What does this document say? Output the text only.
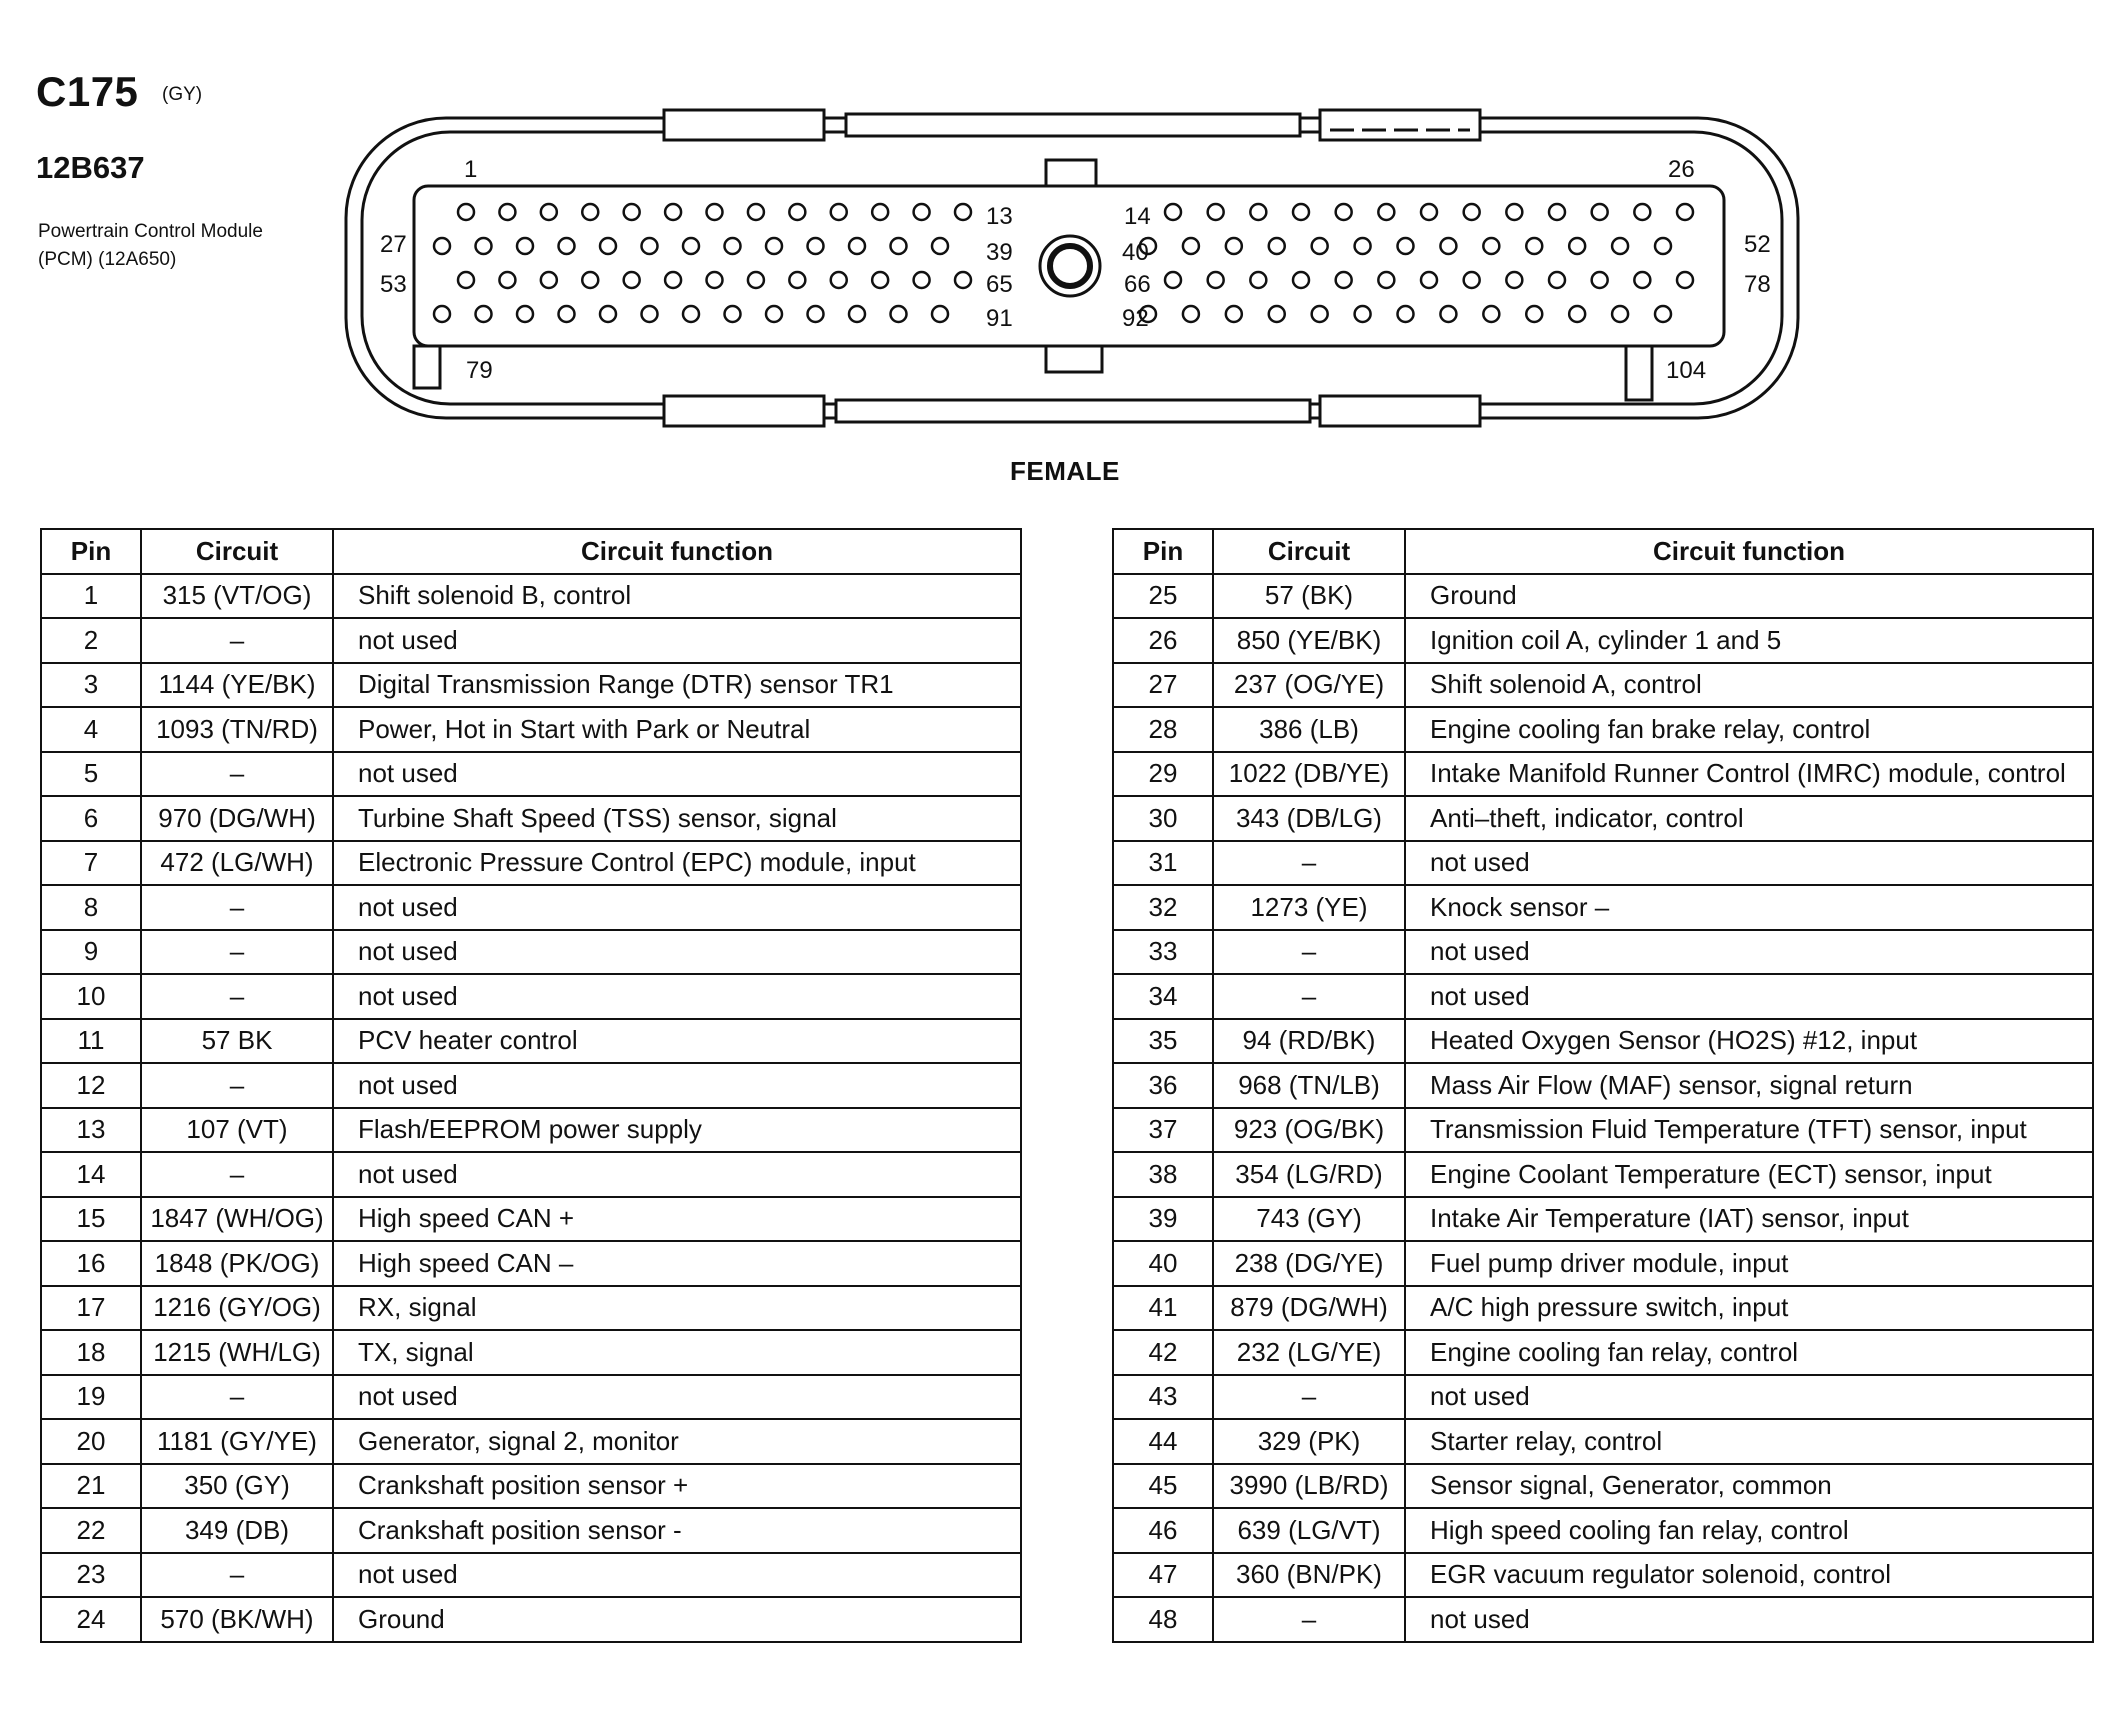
C175 (GY)
12B637
Powertrain Control Module
(PCM) (12A650)
1	26
13	14
27	39	40	52
53	65	66	78
91	92
79	104
FEMALE
Pin	Circuit	Circuit function
1	315 (VT/OG)	Shift solenoid B, control
2	–	not used
3	1144 (YE/BK)	Digital Transmission Range (DTR) sensor TR1
4	1093 (TN/RD)	Power, Hot in Start with Park or Neutral
5	–	not used
6	970 (DG/WH)	Turbine Shaft Speed (TSS) sensor, signal
7	472 (LG/WH)	Electronic Pressure Control (EPC) module, input
8	–	not used
9	–	not used
10	–	not used
11	57 BK	PCV heater control
12	–	not used
13	107 (VT)	Flash/EEPROM power supply
14	–	not used
15	1847 (WH/OG)	High speed CAN +
16	1848 (PK/OG)	High speed CAN –
17	1216 (GY/OG)	RX, signal
18	1215 (WH/LG)	TX, signal
19	–	not used
20	1181 (GY/YE)	Generator, signal 2, monitor
21	350 (GY)	Crankshaft position sensor +
22	349 (DB)	Crankshaft position sensor -
23	–	not used
24	570 (BK/WH)	Ground
Pin	Circuit	Circuit function
25	57 (BK)	Ground
26	850 (YE/BK)	Ignition coil A, cylinder 1 and 5
27	237 (OG/YE)	Shift solenoid A, control
28	386 (LB)	Engine cooling fan brake relay, control
29	1022 (DB/YE)	Intake Manifold Runner Control (IMRC) module, control
30	343 (DB/LG)	Anti–theft, indicator, control
31	–	not used
32	1273 (YE)	Knock sensor –
33	–	not used
34	–	not used
35	94 (RD/BK)	Heated Oxygen Sensor (HO2S) #12, input
36	968 (TN/LB)	Mass Air Flow (MAF) sensor, signal return
37	923 (OG/BK)	Transmission Fluid Temperature (TFT) sensor, input
38	354 (LG/RD)	Engine Coolant Temperature (ECT) sensor, input
39	743 (GY)	Intake Air Temperature (IAT) sensor, input
40	238 (DG/YE)	Fuel pump driver module, input
41	879 (DG/WH)	A/C high pressure switch, input
42	232 (LG/YE)	Engine cooling fan relay, control
43	–	not used
44	329 (PK)	Starter relay, control
45	3990 (LB/RD)	Sensor signal, Generator, common
46	639 (LG/VT)	High speed cooling fan relay, control
47	360 (BN/PK)	EGR vacuum regulator solenoid, control
48	–	not used
